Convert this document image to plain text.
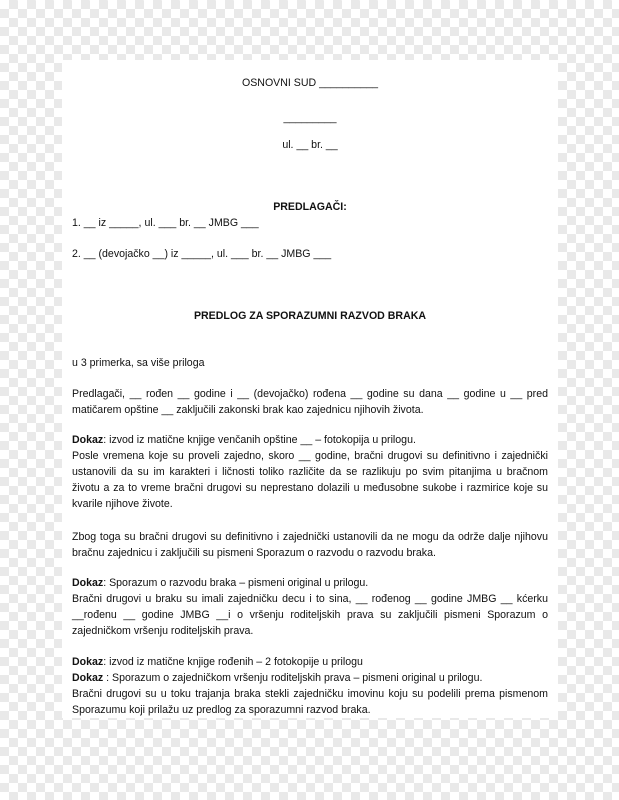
OSNOVNI SUD __________
_________
ul. __ br. __
PREDLAGAČI:
1. __ iz _____, ul. ___ br. __ JMBG ___
2. __ (devojačko __) iz _____, ul. ___ br. __ JMBG ___
PREDLOG ZA SPORAZUMNI RAZVOD BRAKA
u 3 primerka, sa više priloga
Predlagači, __ rođen __ godine i __ (devojačko) rođena __ godine su dana __ godine u __ pred matičarem opštine __ zaključili zakonski brak kao zajednicu njihovih života.
Dokaz: izvod iz matične knjige venčanih opštine __ – fotokopija u prilogu.
Posle vremena koje su proveli zajedno, skoro __ godine, bračni drugovi su definitivno i zajednički ustanovili da su im karakteri i ličnosti toliko različite da se razlikuju po svim pitanjima u bračnom životu a za to vreme bračni drugovi su neprestano dolazili u međusobne sukobe i razmirice koje su kvarile njihove živote.
Zbog toga su bračni drugovi su definitivno i zajednički ustanovili da ne mogu da održe dalje njihovu bračnu zajednicu i zaključili su pismeni Sporazum o razvodu o razvodu braka.
Dokaz: Sporazum o razvodu braka – pismeni original u prilogu.
Bračni drugovi u braku su imali zajedničku decu i to sina, __ rođenog __ godine JMBG __ kćerku __rođenu __ godine JMBG __i o vršenju roditeljskih prava su zaključili pismeni Sporazum o zajedničkom vršenju roditeljskih prava.
Dokaz: izvod iz matične knjige rođenih – 2 fotokopije u prilogu
Dokaz : Sporazum o zajedničkom vršenju roditeljskih prava – pismeni original u prilogu.
Bračni drugovi su u toku trajanja braka stekli zajedničku imovinu koju su podelili prema pismenom Sporazumu koji prilažu uz predlog za sporazumni razvod braka.
